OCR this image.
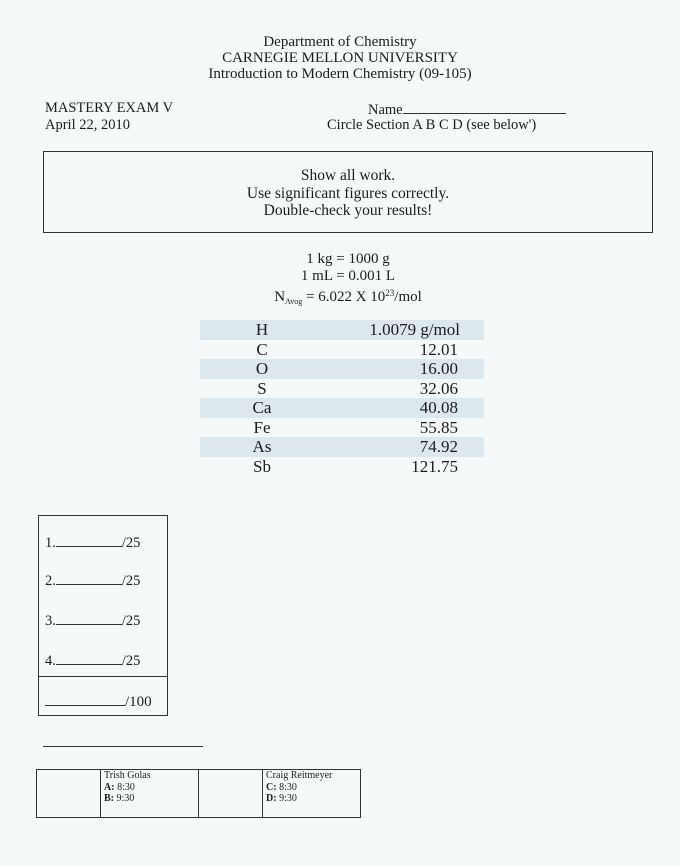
Department of Chemistry
CARNEGIE MELLON UNIVERSITY
Introduction to Modern Chemistry (09-105)
MASTERY EXAM V
April 22, 2010
Name
Circle Section A B C D (see below')
Show all work.
Use significant figures correctly.
Double-check your results!
1 kg = 1000 g
1 mL = 0.001 L
$N_{Avog} = 6.022$ X $10^{23}$/mol
H	1.0079 g/mol
C	12.01
O	16.00
S	32.06
Ca	40.08
Fe	55.85
As	74.92
Sb	121.75
1.	/25
2.	/25
3.	/25
4.	/25
/100
Trish Golas
A: 8:30
B: 9:30
Craig Reitmeyer
C: 8:30
D: 9:30
